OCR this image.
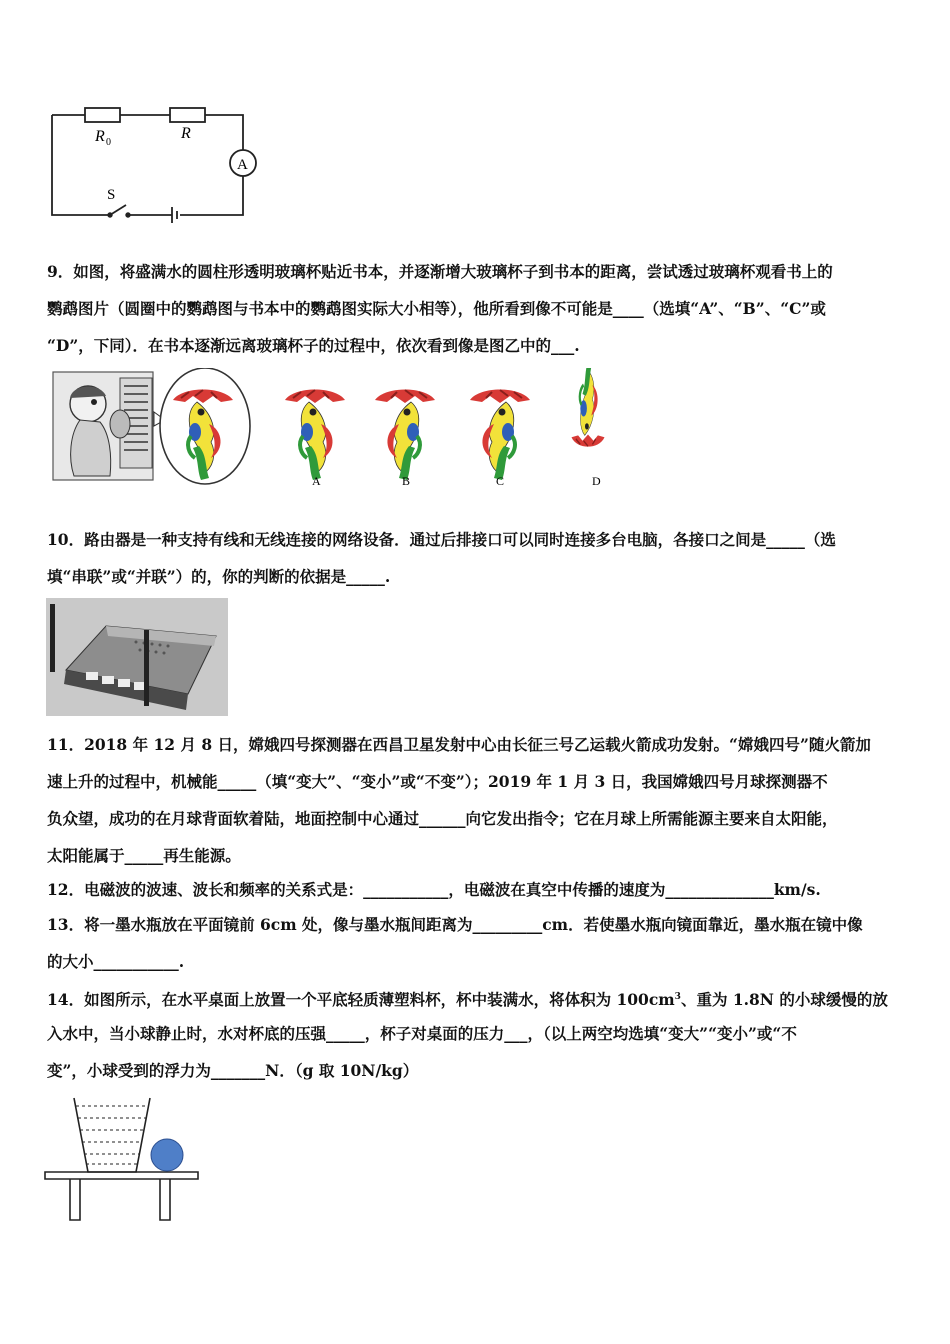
R 0
R
A
S
9．如图，将盛满水的圆柱形透明玻璃杯贴近书本，并逐渐增大玻璃杯子到书本的距离，尝试透过玻璃杯观看书上的
鹦鹉图片（圆圈中的鹦鹉图与书本中的鹦鹉图实际大小相等），他所看到像不可能是____（选填“A”、“B”、“C”或
“D”，下同）．在书本逐渐远离玻璃杯子的过程中，依次看到像是图乙中的___.
A	B	C	D
10．路由器是一种支持有线和无线连接的网络设备．通过后排接口可以同时连接多台电脑，各接口之间是_____（选
填“串联”或“并联”）的，你的判断的依据是_____.
11．2018 年 12 月 8 日，嫦娥四号探测器在西昌卫星发射中心由长征三号乙运载火箭成功发射。“嫦娥四号”随火箭加
速上升的过程中，机械能_____（填“变大”、“变小”或“不变”）；2019 年 1 月 3 日，我国嫦娥四号月球探测器不
负众望，成功的在月球背面软着陆，地面控制中心通过______向它发出指令；它在月球上所需能源主要来自太阳能，
太阳能属于_____再生能源。
12．电磁波的波速、波长和频率的关系式是：___________，电磁波在真空中传播的速度为______________km/s.
13．将一墨水瓶放在平面镜前 6cm 处，像与墨水瓶间距离为_________cm．若使墨水瓶向镜面靠近，墨水瓶在镜中像
的大小___________.
14．如图所示，在水平桌面上放置一个平底轻质薄塑料杯，杯中装满水，将体积为 $100cm^3$、重为 1.8N 的小球缓慢的放
入水中，当小球静止时，水对杯底的压强_____，杯子对桌面的压力___，（以上两空均选填“变大”“变小”或“不
变”，小球受到的浮力为_______N．（g 取 10N/kg）
